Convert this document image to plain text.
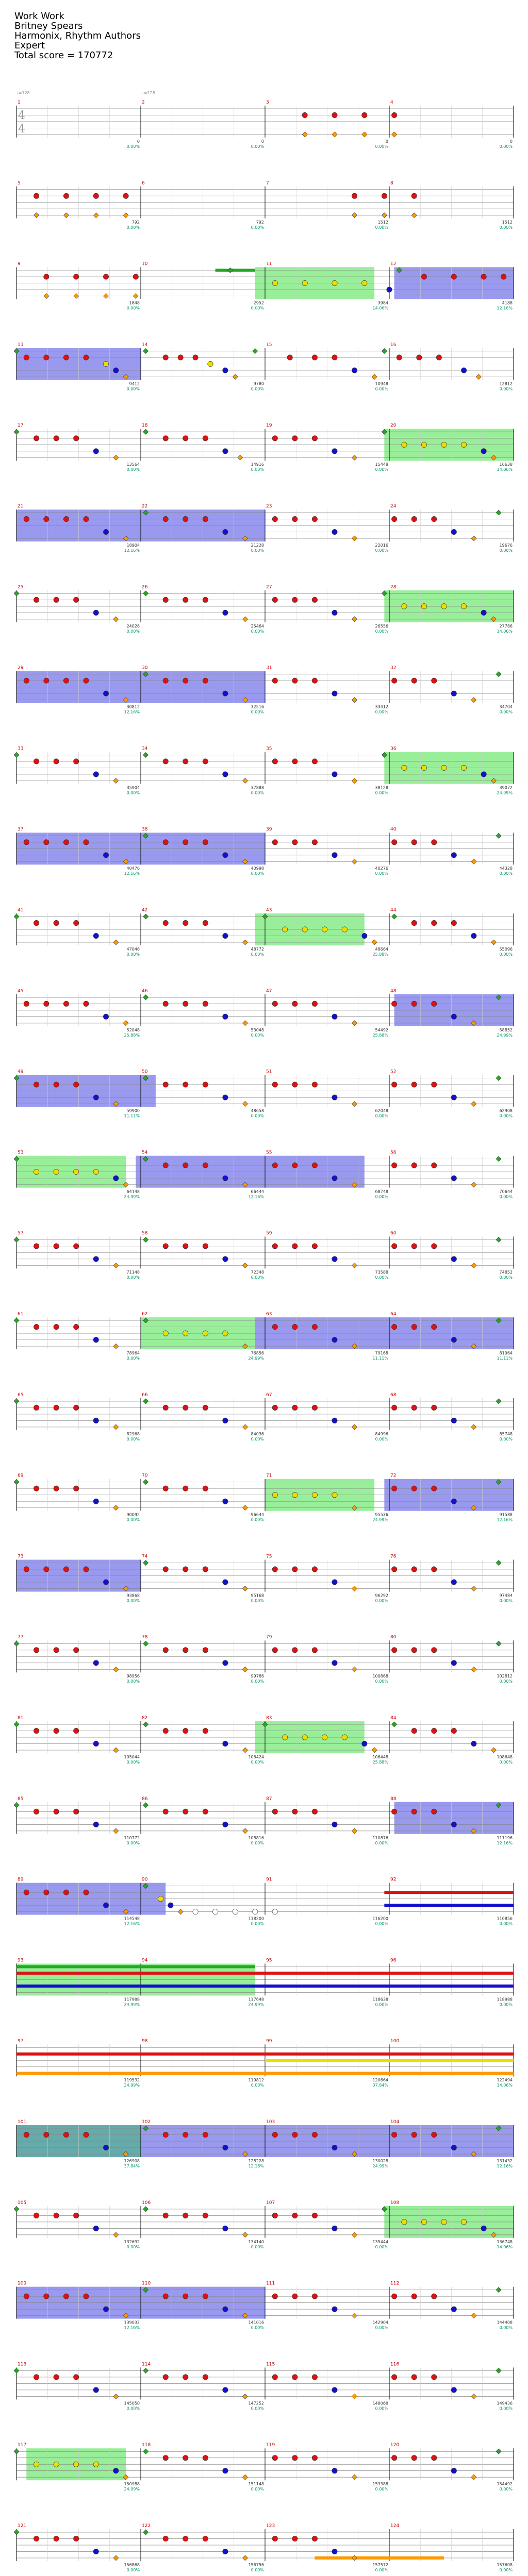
Work Work
Britney Spears
Harmonix, Rhythm Authors
Expert
Total score = 170772
♩=128	♩=128
4
4
1	2	3	4
0
0.00%
0
0.00%
0
0.00%
0
0.00%
5	6	7	8
792
0.00%
792
0.00%
1512
0.00%
1512
0.00%
9	10	11	12
1848
0.00%
2952
0.00%
3984
14.06%
4188
12.16%
13	14	15	16
9412
0.00%
9780
0.00%
10948
0.00%
12812
0.00%
17	18	19	20
13564
0.00%
14916
0.00%
15448
0.00%
16638
14.06%
21	22	23	24
18904
12.16%
21228
0.00%
22016
0.00%
19676
0.00%
25	26	27	28
24028
0.00%
25464
0.00%
26556
0.00%
27786
14.06%
29	30	31	32
30812
12.16%
32516
0.00%
33412
0.00%
34704
0.00%
33	34	35	36
35904
0.00%
37888
0.00%
38128
0.00%
39072
24.99%
37	38	39	40
40476
12.16%
40998
0.00%
40276
0.00%
44328
0.00%
41	42	43	44
47048
0.00%
48772
0.00%
48664
25.88%
55096
0.00%
45	46	47	48
52048
25.88%
53048
0.00%
54492
25.88%
58852
24.99%
49	50	51	52
59900
11.11%
48658
0.00%
62048
0.00%
62908
0.00%
53	54	55	56
64148
24.99%
66444
12.16%
68748
0.00%
70644
0.00%
57	58	59	60
71148
0.00%
72348
0.00%
73588
0.00%
74852
0.00%
61	62	63	64
78964
0.00%
76856
24.99%
79168
11.11%
81964
11.11%
65	66	67	68
82968
0.00%
84036
0.00%
84996
0.00%
85748
0.00%
69	70	71	72
90092
0.00%
96644
0.00%
95536
24.99%
91588
12.16%
73	74	75	76
93868
0.00%
95168
0.00%
96292
0.00%
97484
0.00%
77	78	79	80
98956
0.00%
99786
0.00%
100868
0.00%
102812
0.00%
81	82	83	84
105044
0.00%
106424
0.00%
106448
25.88%
108648
0.00%
85	86	87	88
110772
0.00%
108816
0.00%
110876
0.00%
111196
12.16%
89	90	91	92
114548
12.16%
118200
0.00%
116200
0.00%
116856
0.00%
93	94	95	96
117988
24.99%
117648
24.99%
118638
0.00%
118988
0.00%
97	98	99	100
119532
24.99%
119812
0.00%
120664
37.84%
122494
14.06%
101	102	103	104
126908
37.84%
128228
12.16%
130028
24.99%
131432
12.16%
105	106	107	108
132692
0.00%
134140
0.00%
135444
0.00%
136748
14.06%
109	110	111	112
139032
12.16%
141016
0.00%
142904
0.00%
144408
0.00%
113	114	115	116
145050
0.00%
147252
0.00%
148068
0.00%
149436
0.00%
117	118	119	120
150988
24.99%
151148
0.00%
153388
0.00%
154492
0.00%
121	122	123	124
156868
0.00%
156756
0.00%
157572
0.00%
157608
0.00%
